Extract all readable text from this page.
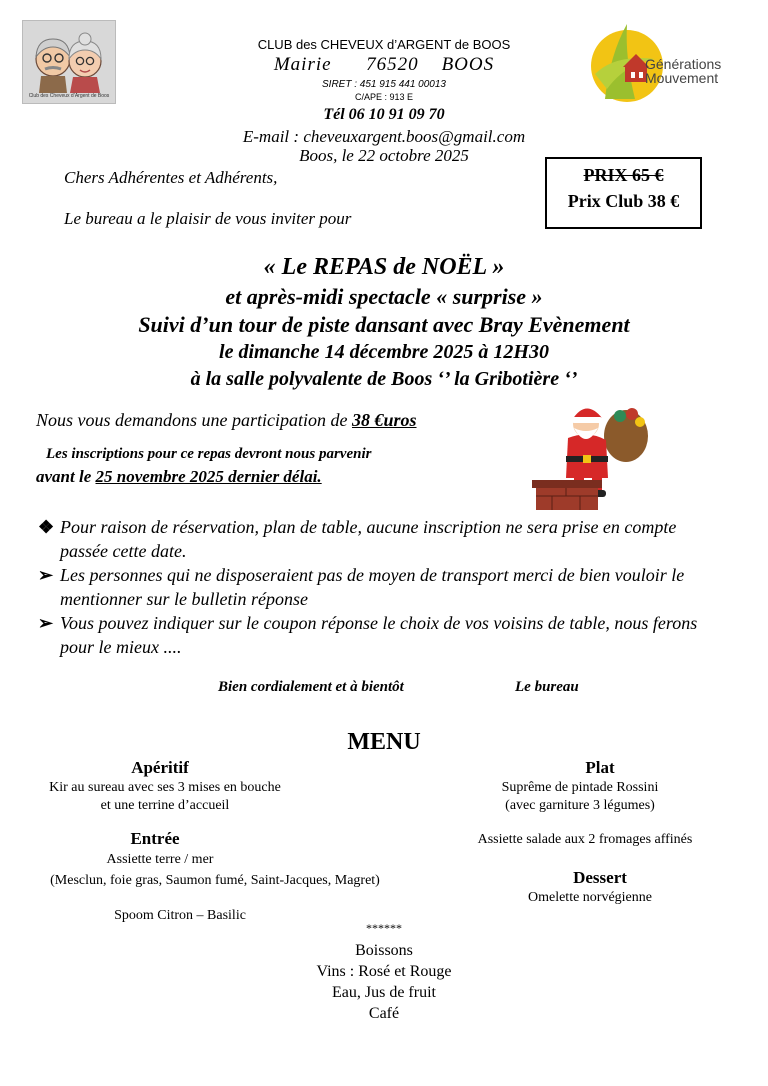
Club des Cheveux d’Argent de Boos
Générations Mouvement
CLUB des CHEVEUX d’ARGENT de BOOS
Mairie 76520 BOOS
SIRET : 451 915 441 00013
C/APE : 913 E
Tél 06 10 91 09 70
E-mail : cheveuxargent.boos@gmail.com
Boos, le 22 octobre 2025
Chers Adhérentes et Adhérents,
Le bureau a le plaisir de vous inviter pour
PRIX 65 €
Prix Club 38 €
« Le REPAS de NOËL »
et après-midi spectacle « surprise »
Suivi d’un tour de piste dansant avec Bray Evènement
le dimanche 14 décembre 2025 à 12H30
à la salle polyvalente de Boos ‘’ la Gribotière ‘’
Nous vous demandons une participation de 38 €uros
Les inscriptions pour ce repas devront nous parvenir
avant le 25 novembre 2025 dernier délai.
❖ Pour raison de réservation, plan de table, aucune inscription ne sera prise en compte passée cette date.
➢ Les personnes qui ne disposeraient pas de moyen de transport merci de bien vouloir le mentionner sur le bulletin réponse
➢ Vous pouvez indiquer sur le coupon réponse le choix de vos voisins de table, nous ferons pour le mieux ....
Bien cordialement et à bientôt	Le bureau
MENU
Apéritif
Kir au sureau avec ses 3 mises en bouche
et une terrine d’accueil
Entrée
Assiette terre / mer
(Mesclun, foie gras, Saumon fumé, Saint-Jacques, Magret)
Spoom Citron – Basilic
Plat
Suprême de pintade Rossini
(avec garniture 3 légumes)
Assiette salade aux 2 fromages affinés
Dessert
Omelette norvégienne
******
Boissons
Vins : Rosé et Rouge
Eau, Jus de fruit
Café
